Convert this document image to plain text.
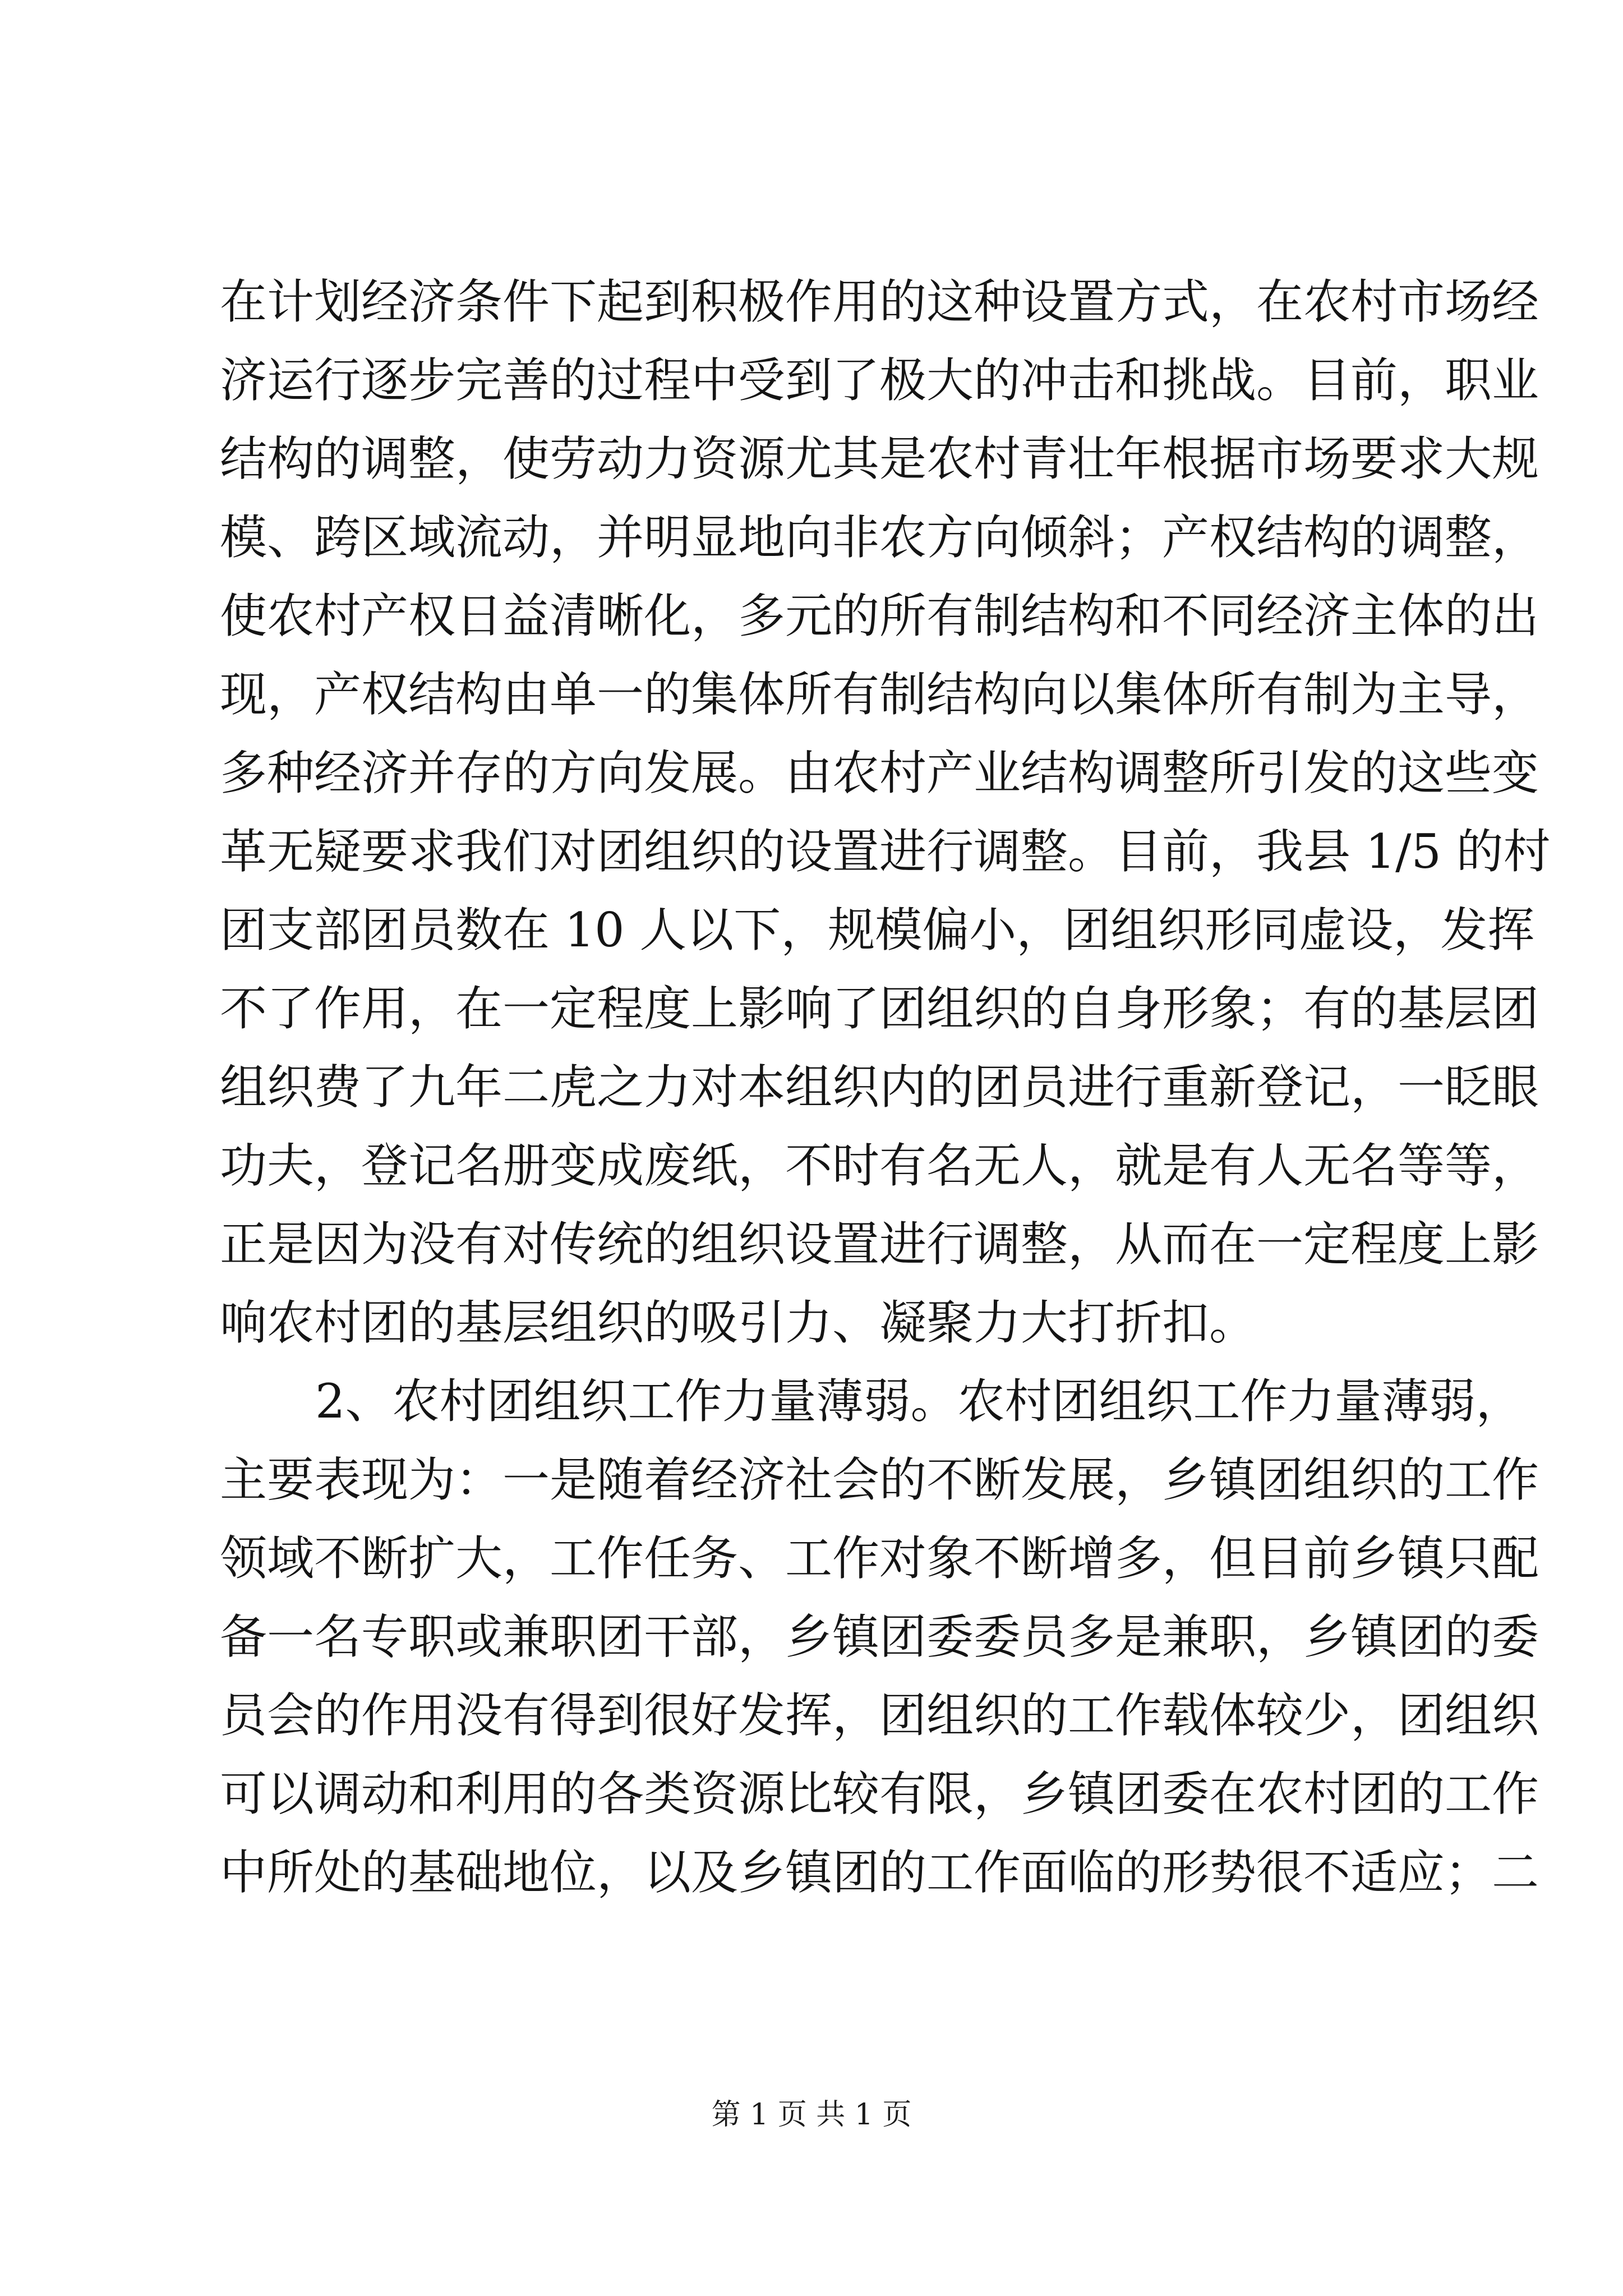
在计划经济条件下起到积极作用的这种设置方式，在农村市场经
济运行逐步完善的过程中受到了极大的冲击和挑战。目前，职业
结构的调整，使劳动力资源尤其是农村青壮年根据市场要求大规
模、跨区域流动，并明显地向非农方向倾斜；产权结构的调整，
使农村产权日益清晰化，多元的所有制结构和不同经济主体的出
现，产权结构由单一的集体所有制结构向以集体所有制为主导，
多种经济并存的方向发展。由农村产业结构调整所引发的这些变
革无疑要求我们对团组织的设置进行调整。目前，我县 1/5 的村
团支部团员数在 10 人以下，规模偏小，团组织形同虚设，发挥
不了作用，在一定程度上影响了团组织的自身形象；有的基层团
组织费了九年二虎之力对本组织内的团员进行重新登记，一眨眼
功夫，登记名册变成废纸，不时有名无人，就是有人无名等等，
正是因为没有对传统的组织设置进行调整，从而在一定程度上影
响农村团的基层组织的吸引力、凝聚力大打折扣。
2、农村团组织工作力量薄弱。农村团组织工作力量薄弱，
主要表现为：一是随着经济社会的不断发展，乡镇团组织的工作
领域不断扩大，工作任务、工作对象不断增多，但目前乡镇只配
备一名专职或兼职团干部，乡镇团委委员多是兼职，乡镇团的委
员会的作用没有得到很好发挥，团组织的工作载体较少，团组织
可以调动和利用的各类资源比较有限，乡镇团委在农村团的工作
中所处的基础地位，以及乡镇团的工作面临的形势很不适应；二
第 1 页 共 1 页
